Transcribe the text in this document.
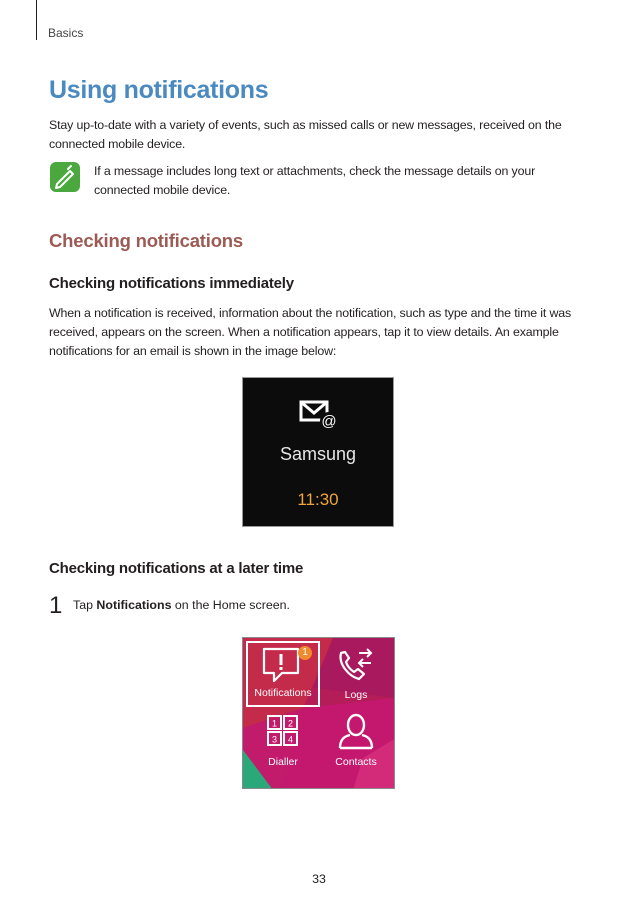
Basics
Using notifications

Stay up-to-date with a variety of events, such as missed calls or new messages, received on the connected mobile device.

If a message includes long text or attachments, check the message details on your connected mobile device.

Checking notifications
Checking notifications immediately

When a notification is received, information about the notification, such as type and the time it was received, appears on the screen. When a notification appears, tap it to view details. An example notifications for an email is shown in the image below:

@
Samsung
11:30
Checking notifications at a later time
1 Tap Notifications on the Home screen.
1
Notifications	Logs
1 2
3 4
Dialler	Contacts
33
